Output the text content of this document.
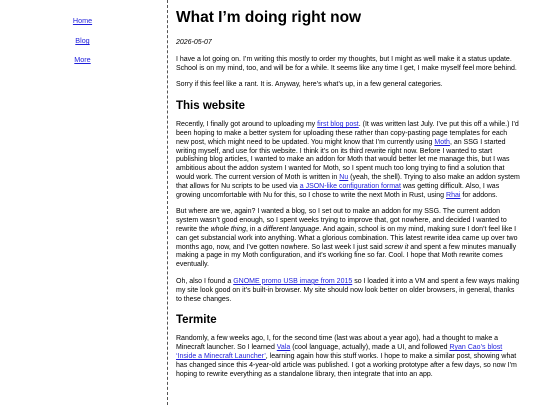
Home
Blog
More
What I’m doing right now
2026-05-07

I have a lot going on. I’m writing this mostly to order my thoughts, but I might as well make it a status update. School is on my mind, too, and will be for a while. It seems like any time I get, I make myself feel more behind.

Sorry if this feel like a rant. It is. Anyway, here’s what’s up, in a few general categories.

This website

Recently, I finally got around to uploading my first blog post. (It was written last July. I’ve put this off a while.) I’d been hoping to make a better system for uploading these rather than copy-pasting page templates for each new post, which might need to be updated. You might know that I’m currently using Moth, an SSG I started writing myself, and use for this website. I think it’s on its third rewrite right now. Before I wanted to start publishing blog articles, I wanted to make an addon for Moth that would better let me manage this, but I was ambitious about the addon system I wanted for Moth, so I spent much too long trying to find a solution that would work. The current version of Moth is written in Nu (yeah, the shell). Trying to also make an addon system that allows for Nu scripts to be used via a JSON-like configuration format was getting difficult. Also, I was growing uncomfortable with Nu for this, so I chose to write the next Moth in Rust, using Rhai for addons.

But where are we, again? I wanted a blog, so I set out to make an addon for my SSG. The current addon system wasn’t good enough, so I spent weeks trying to improve that, got nowhere, and decided I wanted to rewrite the whole thing, in a different language. And again, school is on my mind, making sure I don’t feel like I can get substancial work into anything. What a glorious combination. This latest rewrite idea came up over two months ago, now, and I’ve gotten nowhere. So last week I just said screw it and spent a few minutes manually making a page in my Moth configuration, and it’s working fine so far. Cool. I hope that Moth rewrite comes eventually.

Oh, also I found a GNOME promo USB image from 2015 so I loaded it into a VM and spent a few ways making my site look good on it’s built-in browser. My site should now look better on older browsers, in general, thanks to these changes.

Termite

Randomly, a few weeks ago, I, for the second time (last was about a year ago), had a thought to make a Minecraft launcher. So I learned Vala (cool language, actually), made a UI, and followed Ryan Cao’s blost ‘Inside a Minecraft Launcher’, learning again how this stuff works. I hope to make a similar post, showing what has changed since this 4-year-old article was published. I got a working prototype after a few days, so now I’m hoping to rewrite everything as a standalone library, then integrate that into an app.
